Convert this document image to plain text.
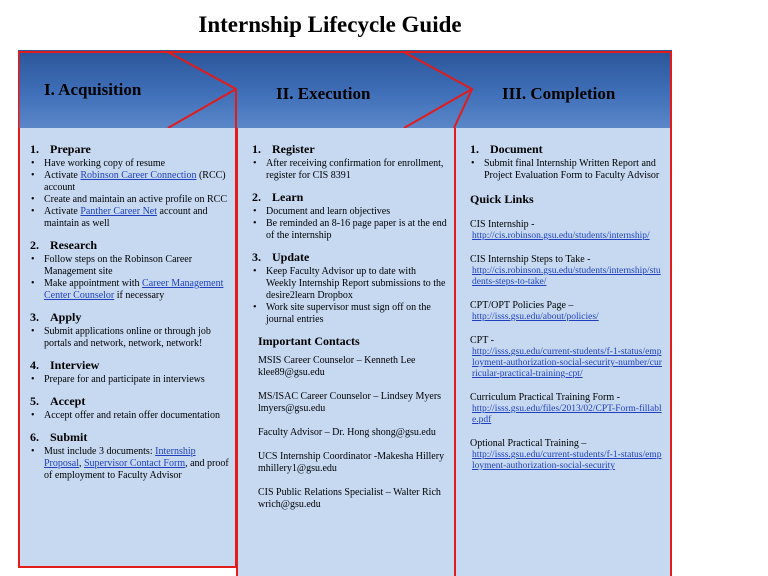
Internship Lifecycle Guide
I. Acquisition	II. Execution	III. Completion
1. Prepare
• Have working copy of resume
• Activate Robinson Career Connection (RCC) account
• Create and maintain an active profile on RCC
• Activate Panther Career Net account and maintain as well
2. Research
• Follow steps on the Robinson Career Management site
• Make appointment with Career Management Center Counselor if necessary
3. Apply
• Submit applications online or through job portals and network, network, network!
4. Interview
• Prepare for and participate in interviews
5. Accept
• Accept offer and retain offer documentation
6. Submit
• Must include 3 documents: Internship Proposal, Supervisor Contact Form, and proof of employment to Faculty Advisor
1. Register
• After receiving confirmation for enrollment, register for CIS 8391
2. Learn
• Document and learn objectives
• Be reminded an 8-16 page paper is at the end of the internship
3. Update
• Keep Faculty Advisor up to date with Weekly Internship Report submissions to the desire2learn Dropbox
• Work site supervisor must sign off on the journal entries
Important Contacts
MSIS Career Counselor – Kenneth Lee klee89@gsu.edu
MS/ISAC Career Counselor – Lindsey Myers lmyers@gsu.edu
Faculty Advisor – Dr. Hong shong@gsu.edu
UCS Internship Coordinator -Makesha Hillery mhillery1@gsu.edu
CIS Public Relations Specialist – Walter Rich wrich@gsu.edu
1. Document
• Submit final Internship Written Report and Project Evaluation Form to Faculty Advisor
Quick Links
CIS Internship -
http://cis.robinson.gsu.edu/students/internship/
CIS Internship Steps to Take -
http://cis.robinson.gsu.edu/students/internship/students-steps-to-take/
CPT/OPT Policies Page –
http://isss.gsu.edu/about/policies/
CPT -
http://isss.gsu.edu/current-students/f-1-status/employment-authorization-social-security-number/curricular-practical-training-cpt/
Curriculum Practical Training Form -
http://isss.gsu.edu/files/2013/02/CPT-Form-fillable.pdf
Optional Practical Training –
http://isss.gsu.edu/current-students/f-1-status/employment-authorization-social-security
